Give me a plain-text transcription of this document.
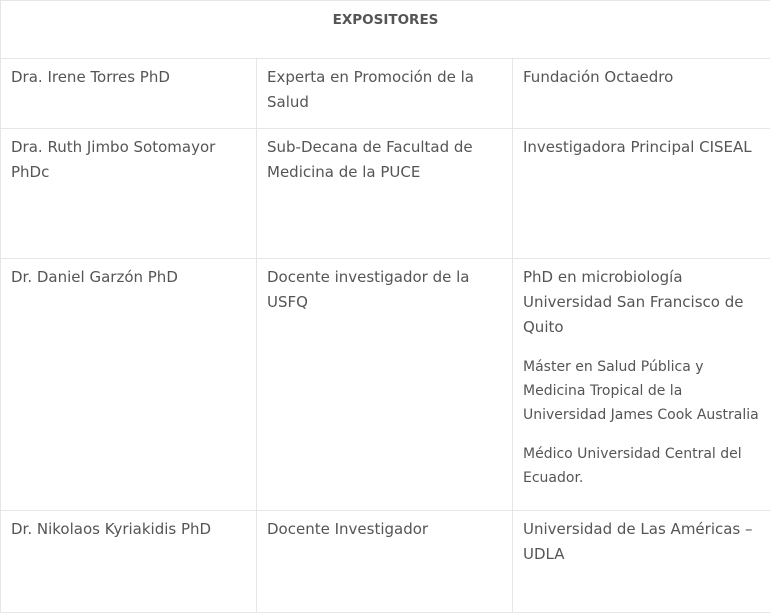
EXPOSITORES		
Dra. Irene Torres PhD	Experta en Promoción de la Salud	Fundación Octaedro

Dra. Ruth Jimbo Sotomayor PhDc	Sub-Decana de Facultad de Medicina de la PUCE	Investigadora Principal CISEAL

Dr. Daniel Garzón PhD	Docente investigador de la USFQ	PhD en microbiología Universidad San Francisco de Quito
Máster en Salud Pública y Medicina Tropical de la Universidad James Cook Australia
Médico Universidad Central del Ecuador.

Dr. Nikolaos Kyriakidis PhD	Docente Investigador	Universidad de Las Américas – UDLA
